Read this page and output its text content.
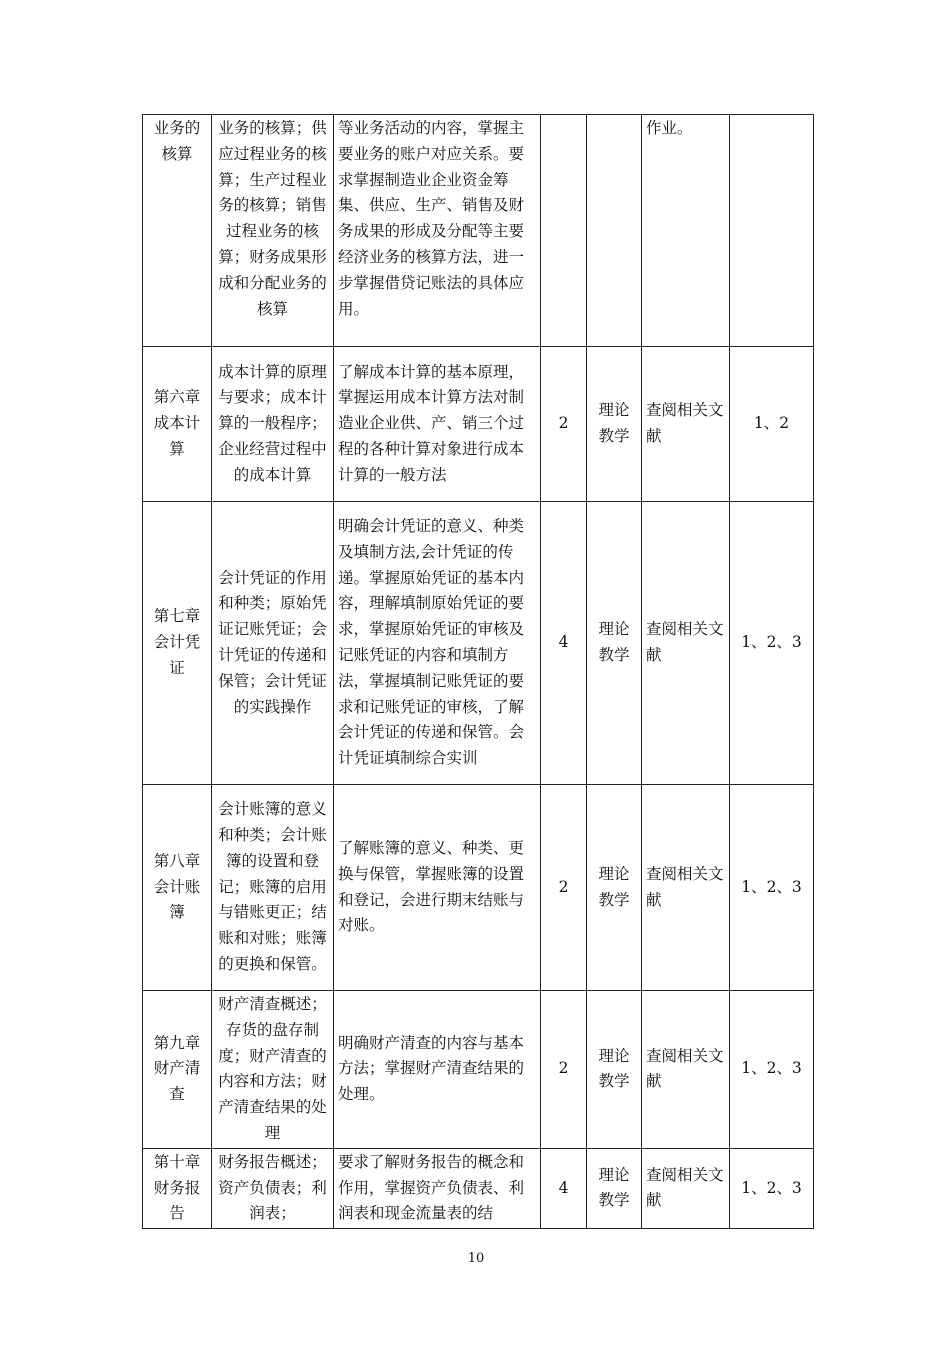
业务的核算	业务的核算；供应过程业务的核算；生产过程业务的核算；销售过程业务的核算；财务成果形成和分配业务的核算	等业务活动的内容，掌握主要业务的账户对应关系。要求掌握制造业企业资金筹集、供应、生产、销售及财务成果的形成及分配等主要经济业务的核算方法，进一步掌握借贷记账法的具体应用。			作业。	
第六章成本计算	成本计算的原理与要求；成本计算的一般程序；企业经营过程中的成本计算	了解成本计算的基本原理，掌握运用成本计算方法对制造业企业供、产、销三个过程的各种计算对象进行成本计算的一般方法	2	理论教学	查阅相关文献	1、2
第七章会计凭证	会计凭证的作用和种类；原始凭证记账凭证；会计凭证的传递和保管；会计凭证的实践操作	明确会计凭证的意义、种类及填制方法,会计凭证的传递。掌握原始凭证的基本内容，理解填制原始凭证的要求，掌握原始凭证的审核及记账凭证的内容和填制方法，掌握填制记账凭证的要求和记账凭证的审核，了解会计凭证的传递和保管。会计凭证填制综合实训	4	理论教学	查阅相关文献	1、2、3
第八章会计账簿	会计账簿的意义和种类；会计账簿的设置和登记；账簿的启用与错账更正；结账和对账；账簿的更换和保管。	了解账簿的意义、种类、更换与保管，掌握账簿的设置和登记，会进行期末结账与对账。	2	理论教学	查阅相关文献	1、2、3
第九章财产清查	财产清查概述；存货的盘存制度；财产清查的内容和方法；财产清查结果的处理	明确财产清查的内容与基本方法；掌握财产清查结果的处理。	2	理论教学	查阅相关文献	1、2、3
第十章财务报告	财务报告概述；资产负债表；利润表；	要求了解财务报告的概念和作用，掌握资产负债表、利润表和现金流量表的结	4	理论教学	查阅相关文献	1、2、3
10
